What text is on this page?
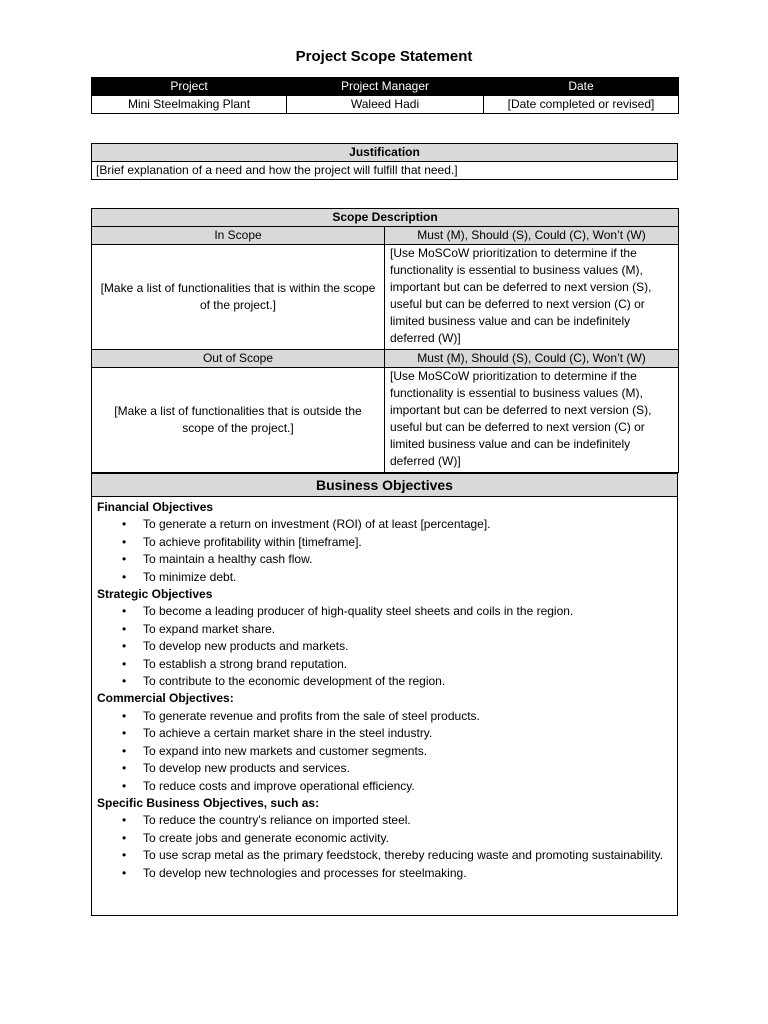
Project Scope Statement
Project	Project Manager	Date
Mini Steelmaking Plant	Waleed Hadi	[Date completed or revised]
Justification
[Brief explanation of a need and how the project will fulfill that need.]
Scope Description	
In Scope	Must (M), Should (S), Could (C), Won’t (W)
[Make a list of functionalities that is within the scope of the project.]	[Use MoSCoW prioritization to determine if the functionality is essential to business values (M), important but can be deferred to next version (S), useful but can be deferred to next version (C) or limited business value and can be indefinitely deferred (W)]
Out of Scope	Must (M), Should (S), Could (C), Won’t (W)
[Make a list of functionalities that is outside the scope of the project.]	[Use MoSCoW prioritization to determine if the functionality is essential to business values (M), important but can be deferred to next version (S), useful but can be deferred to next version (C) or limited business value and can be indefinitely deferred (W)]
Business Objectives
Financial Objectives
• To generate a return on investment (ROI) of at least [percentage].
• To achieve profitability within [timeframe].
• To maintain a healthy cash flow.
• To minimize debt.
Strategic Objectives
• To become a leading producer of high-quality steel sheets and coils in the region.
• To expand market share.
• To develop new products and markets.
• To establish a strong brand reputation.
• To contribute to the economic development of the region.
Commercial Objectives:
• To generate revenue and profits from the sale of steel products.
• To achieve a certain market share in the steel industry.
• To expand into new markets and customer segments.
• To develop new products and services.
• To reduce costs and improve operational efficiency.
Specific Business Objectives, such as:
• To reduce the country's reliance on imported steel.
• To create jobs and generate economic activity.
• To use scrap metal as the primary feedstock, thereby reducing waste and promoting sustainability.
• To develop new technologies and processes for steelmaking.
